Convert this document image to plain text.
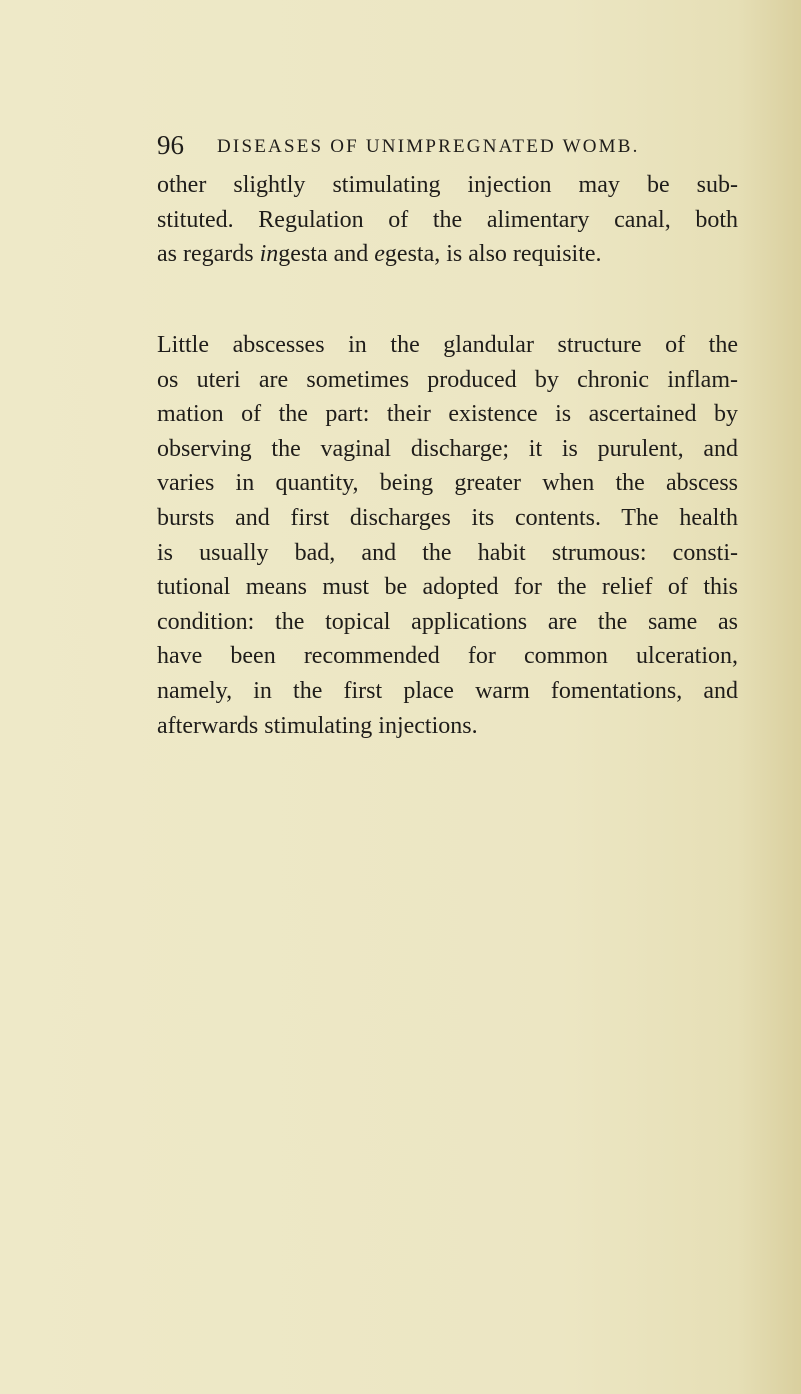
96 DISEASES OF UNIMPREGNATED WOMB.
other slightly stimulating injection may be sub-
stituted. Regulation of the alimentary canal, both
as regards ingesta and egesta, is also requisite.
Little abscesses in the glandular structure of the
os uteri are sometimes produced by chronic inflam-
mation of the part: their existence is ascertained by
observing the vaginal discharge; it is purulent, and
varies in quantity, being greater when the abscess
bursts and first discharges its contents. The health
is usually bad, and the habit strumous: consti-
tutional means must be adopted for the relief of this
condition: the topical applications are the same as
have been recommended for common ulceration,
namely, in the first place warm fomentations, and
afterwards stimulating injections.
